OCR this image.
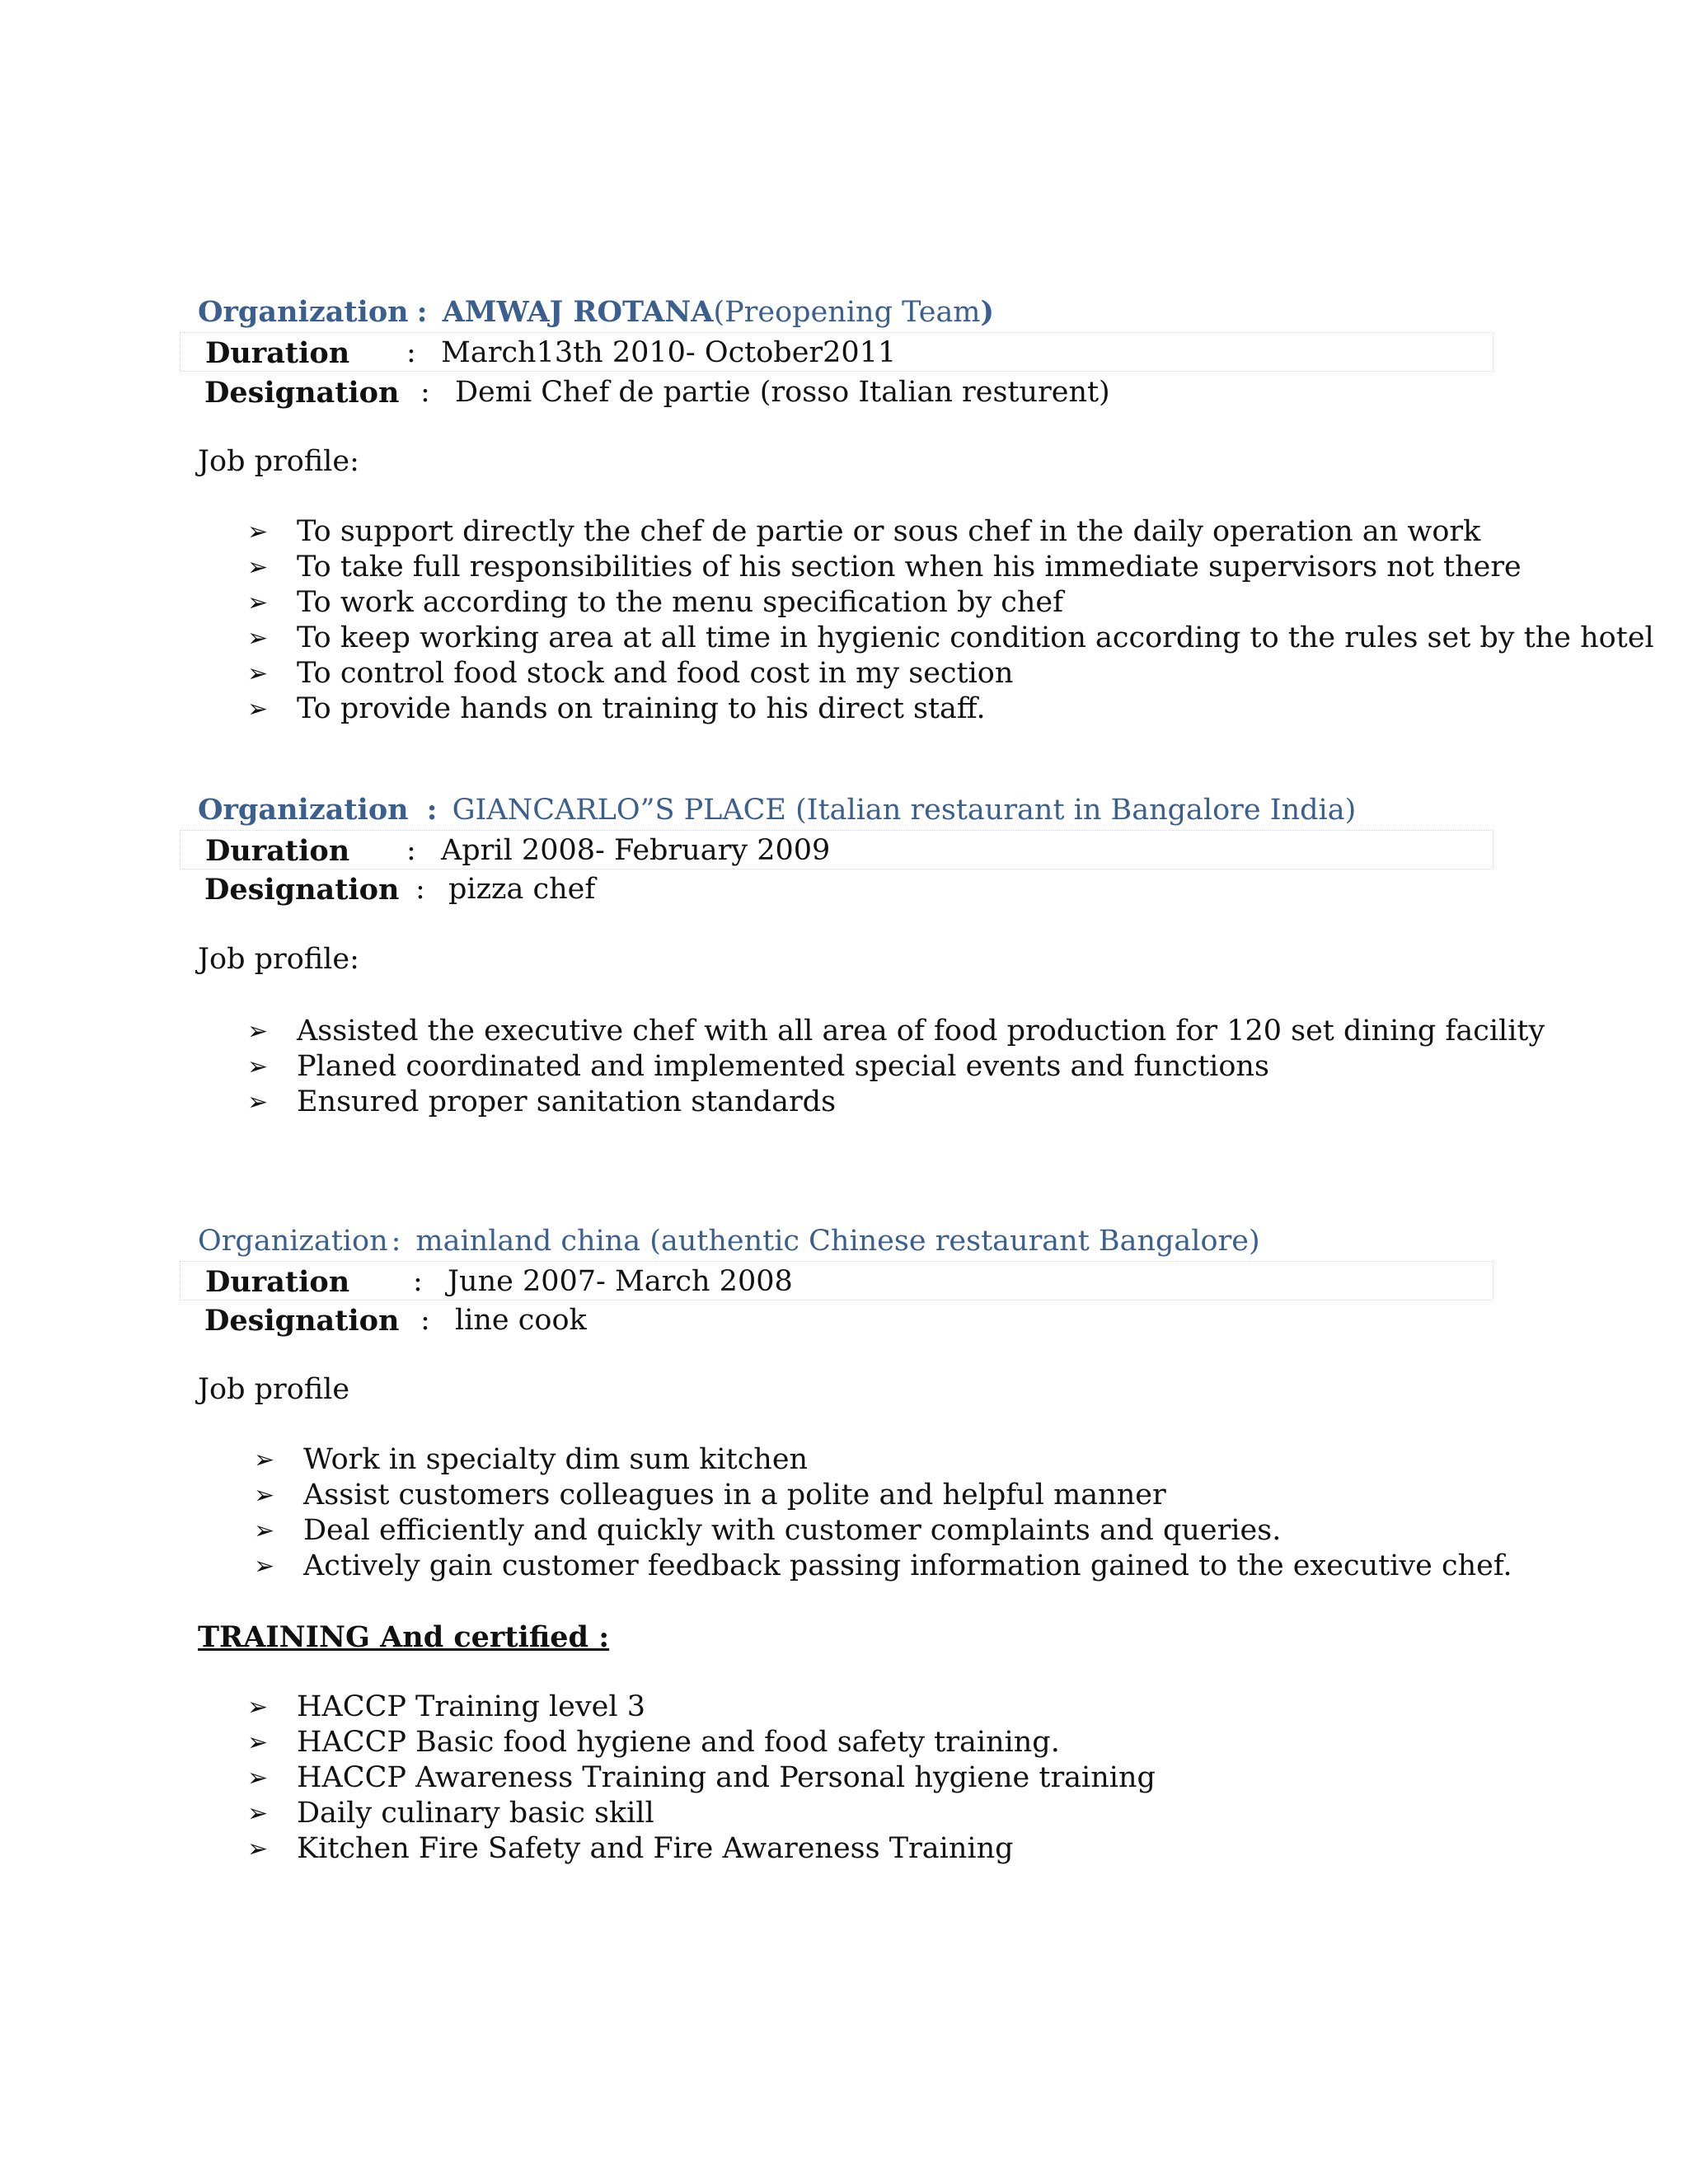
Organization : AMWAJ ROTANA(Preopening Team)
Duration : March13th 2010- October2011
Designation : Demi Chef de partie (rosso Italian resturent)
Job profile:
➢ To support directly the chef de partie or sous chef in the daily operation an work
➢ To take full responsibilities of his section when his immediate supervisors not there
➢ To work according to the menu specification by chef
➢ To keep working area at all time in hygienic condition according to the rules set by the hotel
➢ To control food stock and food cost in my section
➢ To provide hands on training to his direct staff.
Organization : GIANCARLO”S PLACE (Italian restaurant in Bangalore India)
Duration : April 2008- February 2009
Designation : pizza chef
Job profile:
➢ Assisted the executive chef with all area of food production for 120 set dining facility
➢ Planed coordinated and implemented special events and functions
➢ Ensured proper sanitation standards
Organization : mainland china (authentic Chinese restaurant Bangalore)
Duration : June 2007- March 2008
Designation : line cook
Job profile
➢ Work in specialty dim sum kitchen
➢ Assist customers colleagues in a polite and helpful manner
➢ Deal efficiently and quickly with customer complaints and queries.
➢ Actively gain customer feedback passing information gained to the executive chef.
TRAINING And certified :
➢ HACCP Training level 3
➢ HACCP Basic food hygiene and food safety training.
➢ HACCP Awareness Training and Personal hygiene training
➢ Daily culinary basic skill
➢ Kitchen Fire Safety and Fire Awareness Training
